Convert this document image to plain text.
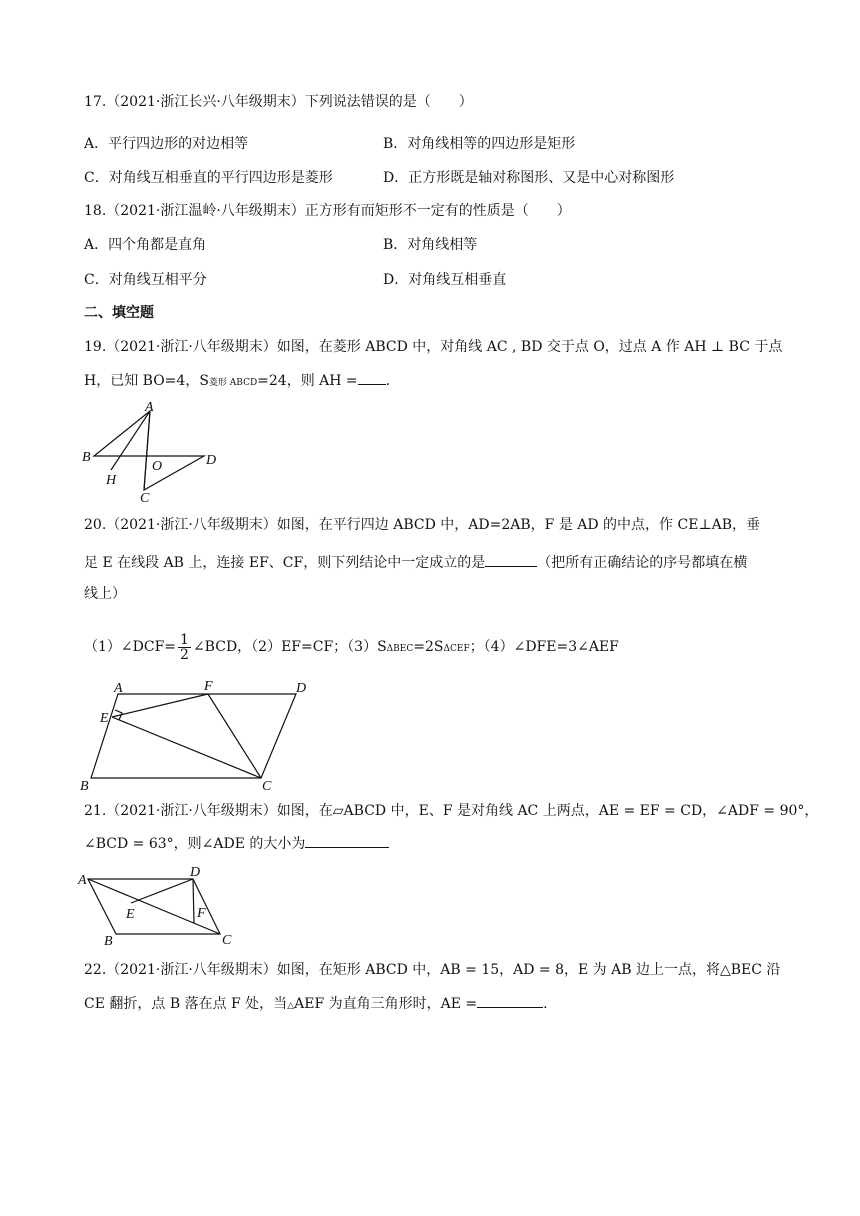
17.（2021·浙江长兴·八年级期末）下列说法错误的是（　　）
A．平行四边形的对边相等	B．对角线相等的四边形是矩形
C．对角线互相垂直的平行四边形是菱形	D．正方形既是轴对称图形、又是中心对称图形
18.（2021·浙江温岭·八年级期末）正方形有而矩形不一定有的性质是（　　）
A．四个角都是直角	B．对角线相等
C．对角线互相平分	D．对角线互相垂直
二、填空题
19.（2021·浙江·八年级期末）如图，在菱形 ABCD 中，对角线 AC , BD 交于点 O，过点 A 作 AH ⊥ BC 于点
H，已知 BO=4，S菱形 ABCD=24，则 AH = .
A
B
O	D
H
C
20.（2021·浙江·八年级期末）如图，在平行四边 ABCD 中，AD=2AB，F 是 AD 的中点，作 CE⊥AB，垂
足 E 在线段 AB 上，连接 EF、CF，则下列结论中一定成立的是	（把所有正确结论的序号都填在横
线上）
（1）∠DCF= $\frac{1}{2}$ ∠BCD，（2）EF=CF；（3）SΔBEC=2SΔCEF；（4）∠DFE=3∠AEF
A	F	D
E
B	C
21.（2021·浙江·八年级期末）如图，在▱ABCD 中，E、F 是对角线 AC 上两点，AE = EF = CD，∠ADF = 90°，
∠BCD = 63°，则∠ADE 的大小为
A
D
E	F
B	C
22.（2021·浙江·八年级期末）如图，在矩形 ABCD 中，AB = 15，AD = 8，E 为 AB 边上一点，将△BEC 沿
CE 翻折，点 B 落在点 F 处，当△AEF 为直角三角形时，AE =	.
